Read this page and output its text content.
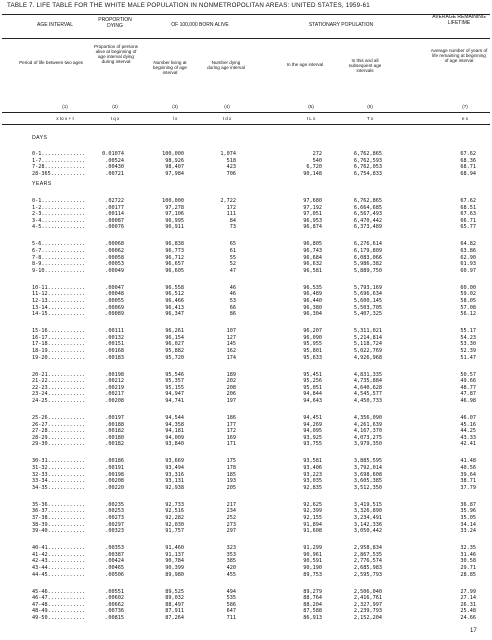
TABLE 7. LIFE TABLE FOR THE WHITE MALE POPULATION IN NONMETROPOLITAN AREAS: UNITED STATES, 1959-61
AGE INTERVAL
PROPORTION DYING	OF 100,000 BORN ALIVE	STATIONARY POPULATION
AVERAGE REMAINING LIFETIME
Period of life between two ages
Proportion of persons alive at beginning of age interval dying during interval	Number living at beginning of age interval
Number dying during age interval
In the age interval
In this and all subsequent age intervals
Average number of years of life remaining at beginning of age interval
(1)	(2)	(3)	(4)	(5)	(6)	(7)
x to x + t	t q x	l x	t d x	t L x	T x	e x
DAYS
0-1..............	0.01074	100,000	1,074	272	6,762,865	67.62
1-7..............	.00524	98,926	518	540	6,762,593	68.36
7-28.............	.00430	98,407	423	6,720	6,762,053	68.71
28-365...........	.00721	97,984	706	90,148	6,754,833	68.94
YEARS
0-1..............	.02722	100,000	2,722	97,680	6,762,865	67.62
1-2..............	.00177	97,278	172	97,192	6,664,685	68.51
2-3..............	.00114	97,106	111	97,051	6,567,493	67.63
3-4..............	.00087	96,995	84	96,953	6,470,442	66.71
4-5..............	.00076	96,911	73	96,874	6,373,489	65.77
5-6..............	.00068	96,838	65	96,805	6,276,614	64.82
6-7..............	.00062	96,773	61	96,743	6,179,809	63.86
7-8..............	.00058	96,712	55	96,684	6,083,066	62.90
8-9..............	.00053	96,657	52	96,632	5,986,382	61.93
9-10.............	.00049	96,605	47	96,581	5,889,750	60.97
10-11............	.00047	96,558	46	96,535	5,793,169	60.00
11-12............	.00048	96,512	46	96,489	5,696,634	59.02
12-13............	.00055	96,466	53	96,440	5,600,145	58.05
13-14............	.00069	96,413	66	96,380	5,503,705	57.08
14-15............	.00089	96,347	86	96,304	5,407,325	56.12
15-16............	.00111	96,261	107	96,207	5,311,021	55.17
16-17............	.00132	96,154	127	96,090	5,214,814	54.23
17-18............	.00151	96,027	145	95,955	5,118,724	53.30
18-19............	.00168	95,882	162	95,801	5,022,769	52.39
19-20............	.00183	95,720	174	95,633	4,926,968	51.47
20-21............	.00198	95,546	189	95,451	4,831,335	50.57
21-22............	.00212	95,357	202	95,256	4,735,884	49.66
22-23............	.00219	95,155	208	95,051	4,640,628	48.77
23-24............	.00217	94,947	206	94,844	4,545,577	47.87
24-25............	.00208	94,741	197	94,643	4,450,733	46.98
25-26............	.00197	94,544	186	94,451	4,356,090	46.07
26-27............	.00188	94,358	177	94,269	4,261,639	45.16
27-28............	.00182	94,181	172	94,095	4,167,370	44.25
28-29............	.00180	94,009	169	93,925	4,073,275	43.33
29-30............	.00182	93,840	171	93,755	3,979,350	42.41
30-31............	.00186	93,669	175	93,581	3,885,595	41.48
31-32............	.00191	93,494	178	93,406	3,792,014	40.56
32-33............	.00198	93,316	185	93,223	3,698,608	39.64
33-34............	.00208	93,131	193	93,035	3,605,385	38.71
34-35............	.00220	92,938	205	92,835	3,512,350	37.79
35-36............	.00235	92,733	217	92,625	3,419,515	36.87
36-37............	.00253	92,516	234	92,399	3,326,890	35.96
37-38............	.00273	92,282	252	92,155	3,234,491	35.05
38-39............	.00297	92,030	273	91,894	3,142,336	34.14
39-40............	.00323	91,757	297	91,608	3,050,442	33.24
40-41............	.00353	91,460	323	91,299	2,958,834	32.35
41-42............	.00387	91,137	353	90,961	2,867,535	31.46
42-43............	.00424	90,784	385	90,591	2,776,574	30.58
43-44............	.00465	90,399	420	90,190	2,685,983	29.71
44-45............	.00506	89,980	455	89,753	2,595,793	28.85
45-46............	.00551	89,525	494	89,279	2,506,040	27.99
46-47............	.00602	89,032	535	88,764	2,416,761	27.14
47-48............	.00662	88,497	586	88,204	2,327,997	26.31
48-49............	.00736	87,911	647	87,588	2,239,793	25.48
49-50............	.00815	87,264	711	86,913	2,152,204	24.66
17
